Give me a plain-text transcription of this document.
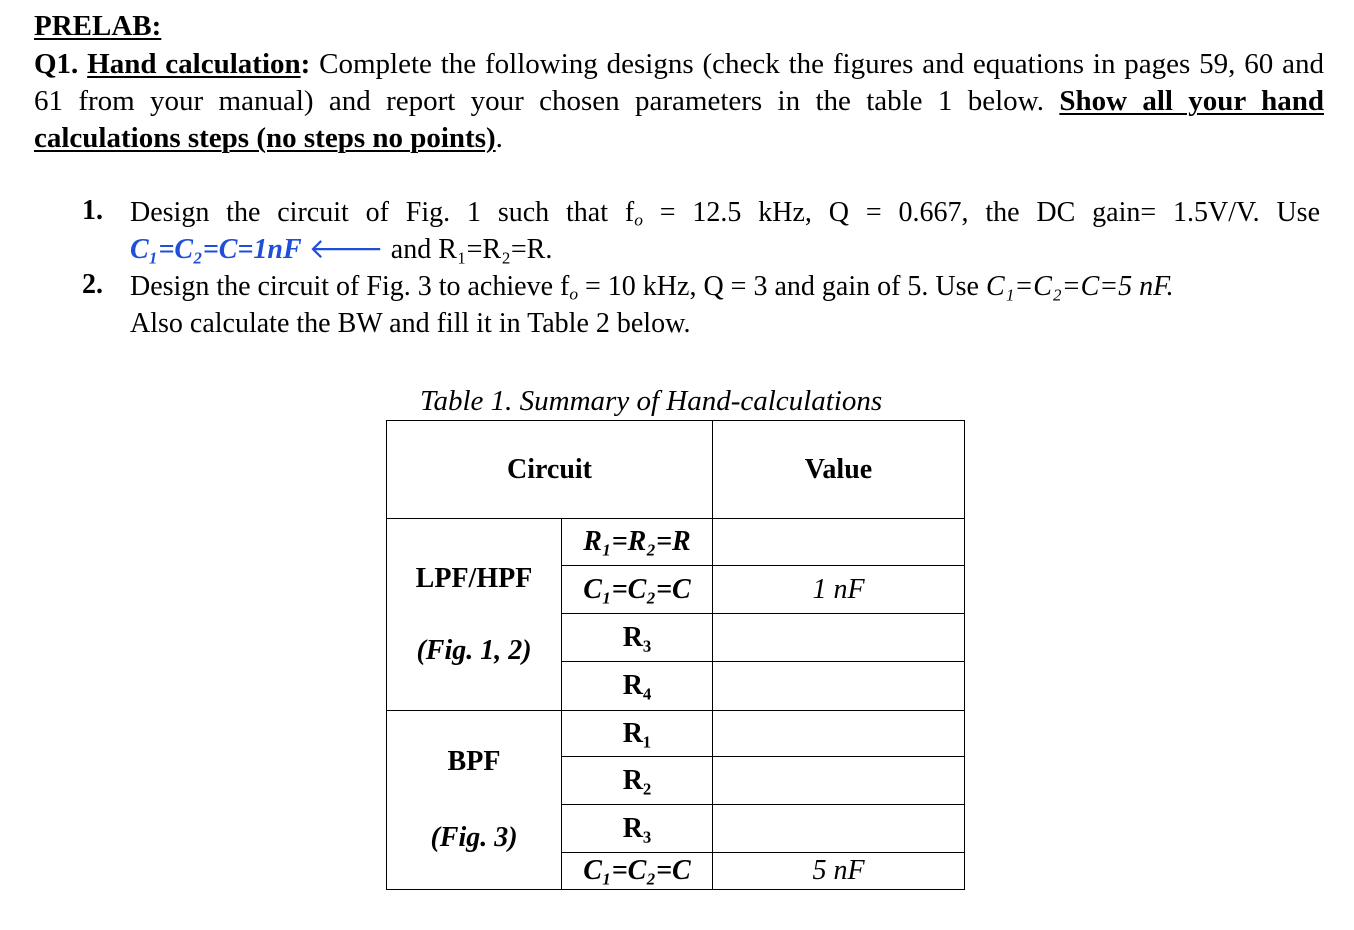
PRELAB:
Q1. Hand calculation: Complete the following designs (check the figures and equations in pages 59, 60 and 61 from your manual) and report your chosen parameters in the table 1 below. Show all your hand calculations steps (no steps no points).
1. Design the circuit of Fig. 1 such that $f_o = 12.5$ kHz, Q = 0.667, the DC gain= 1.5V/V. Use
C₁=C₂=C=1nF 🡐 and R₁=R₂=R.
2. Design the circuit of Fig. 3 to achieve $f_o = 10$ kHz, Q = 3 and gain of 5. Use C₁=C₂=C=5 nF.
Also calculate the BW and fill it in Table 2 below.
Table 1. Summary of Hand-calculations
Circuit		Value

LPF/HPF
(Fig. 1, 2)	R₁=R₂=R	
	C₁=C₂=C	1 nF
	R₃	
	R₄	

BPF
(Fig. 3)	R₁	
	R₂	
	R₃	
	C₁=C₂=C	5 nF
